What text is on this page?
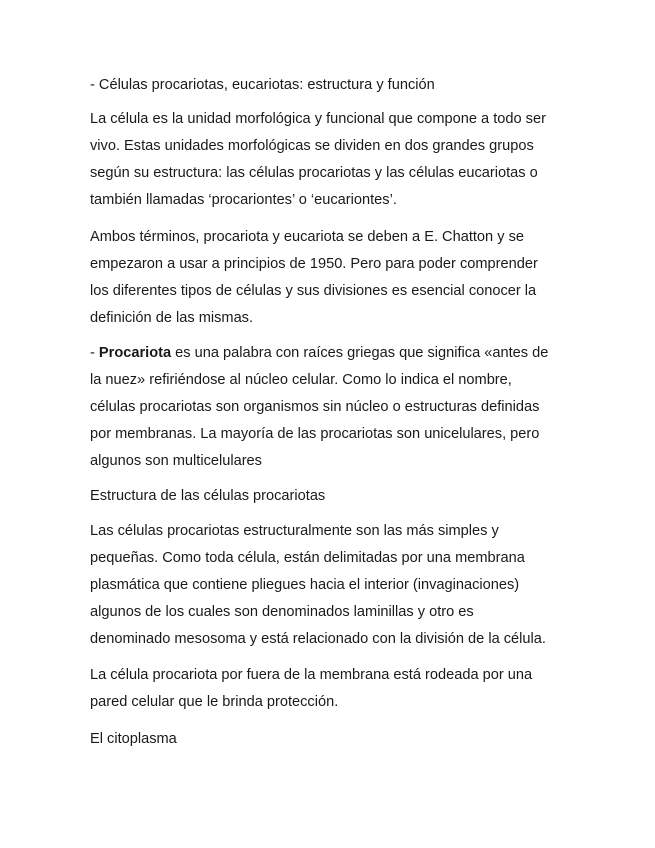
- Células procariotas, eucariotas: estructura y función

La célula es la unidad morfológica y funcional que compone a todo ser
vivo. Estas unidades morfológicas se dividen en dos grandes grupos
según su estructura: las células procariotas y las células eucariotas o
también llamadas ‘procariontes’ o ‘eucariontes’.

Ambos términos, procariota y eucariota se deben a E. Chatton y se
empezaron a usar a principios de 1950. Pero para poder comprender
los diferentes tipos de células y sus divisiones es esencial conocer la
definición de las mismas.

- Procariota es una palabra con raíces griegas que significa «antes de
la nuez» refiriéndose al núcleo celular. Como lo indica el nombre,
células procariotas son organismos sin núcleo o estructuras definidas
por membranas. La mayoría de las procariotas son unicelulares, pero
algunos son multicelulares

Estructura de las células procariotas

Las células procariotas estructuralmente son las más simples y
pequeñas. Como toda célula, están delimitadas por una membrana
plasmática que contiene pliegues hacia el interior (invaginaciones)
algunos de los cuales son denominados laminillas y otro es
denominado mesosoma y está relacionado con la división de la célula.

La célula procariota por fuera de la membrana está rodeada por una
pared celular que le brinda protección.

El citoplasma
